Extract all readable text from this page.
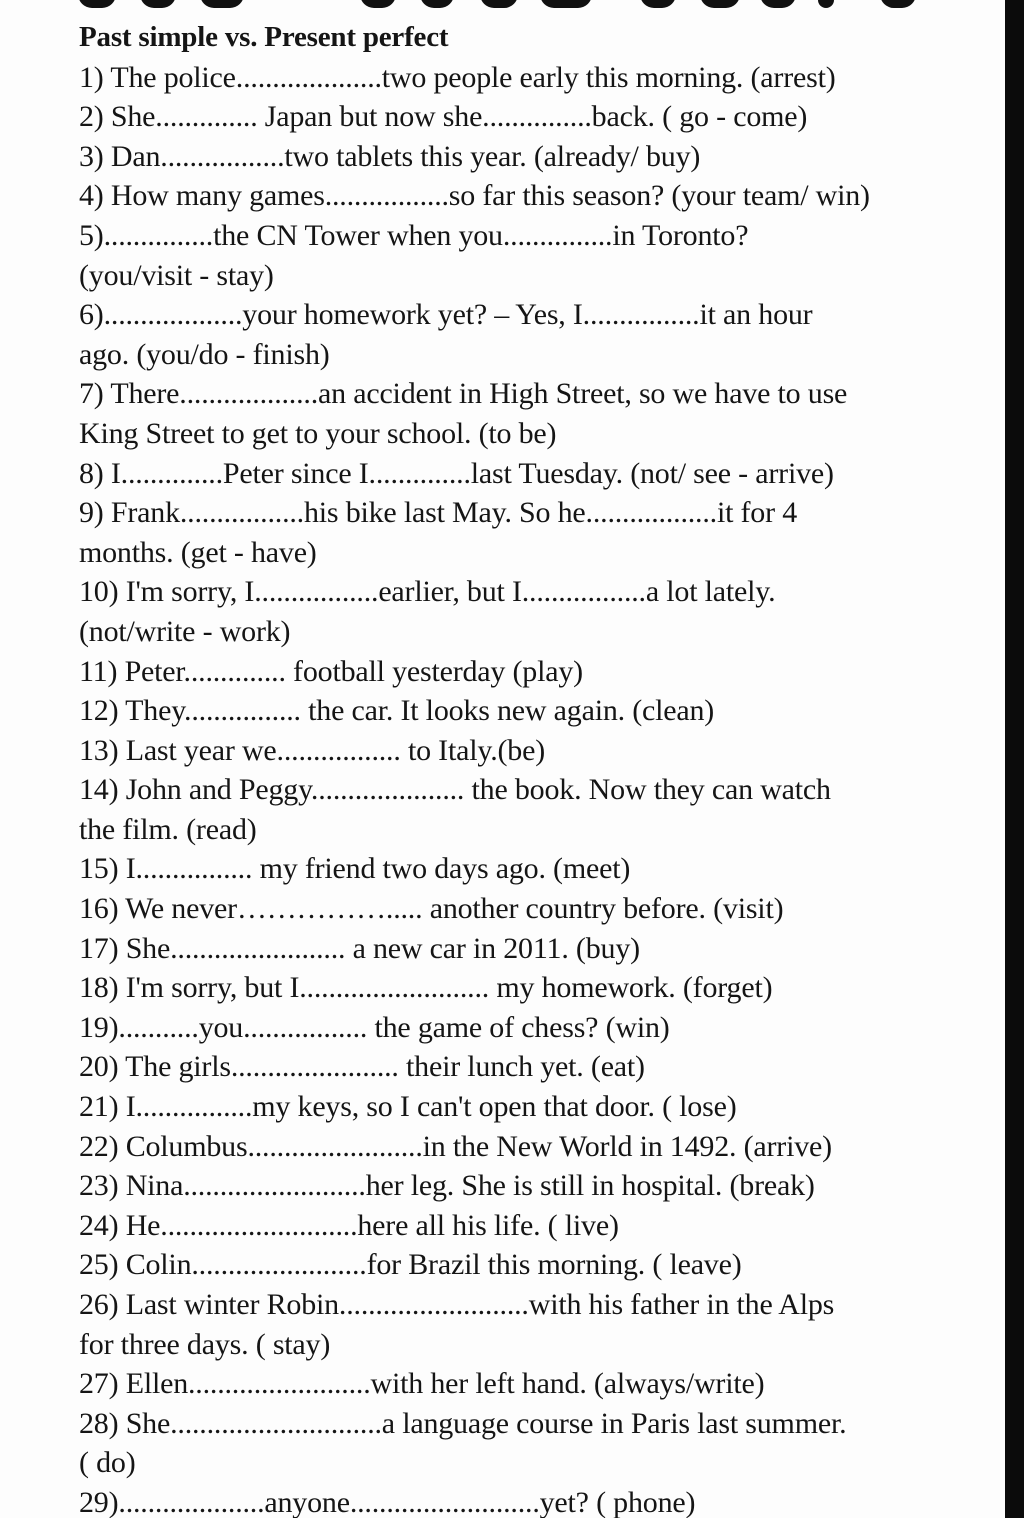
Past simple vs. Present perfect

1) The police....................two people early this morning. (arrest)

2) She.............. Japan but now she...............back. ( go - come)

3) Dan.................two tablets this year. (already/ buy)

4) How many games.................so far this season? (your team/ win)

5)...............the CN Tower when you...............in Toronto?

(you/visit - stay)

6)...................your homework yet? – Yes, I................it an hour

ago. (you/do - finish)

7) There...................an accident in High Street, so we have to use

King Street to get to your school. (to be)

8) I..............Peter since I..............last Tuesday. (not/ see - arrive)

9) Frank.................his bike last May. So he..................it for 4

months. (get - have)

10) I'm sorry, I.................earlier, but I.................a lot lately.

(not/write - work)

11) Peter.............. football yesterday (play)

12) They................ the car. It looks new again. (clean)

13) Last year we................. to Italy.(be)

14) John and Peggy..................... the book. Now they can watch

the film. (read)

15) I................ my friend two days ago. (meet)

16) We never……………..... another country before. (visit)

17) She........................ a new car in 2011. (buy)

18) I'm sorry, but I.......................... my homework. (forget)

19)...........you................. the game of chess? (win)

20) The girls....................... their lunch yet. (eat)

21) I................my keys, so I can't open that door. ( lose)

22) Columbus........................in the New World in 1492. (arrive)

23) Nina.........................her leg. She is still in hospital. (break)

24) He...........................here all his life. ( live)

25) Colin........................for Brazil this morning. ( leave)

26) Last winter Robin..........................with his father in the Alps

for three days. ( stay)

27) Ellen.........................with her left hand. (always/write)

28) She.............................a language course in Paris last summer.

( do)

29)....................anyone..........................yet? ( phone)
